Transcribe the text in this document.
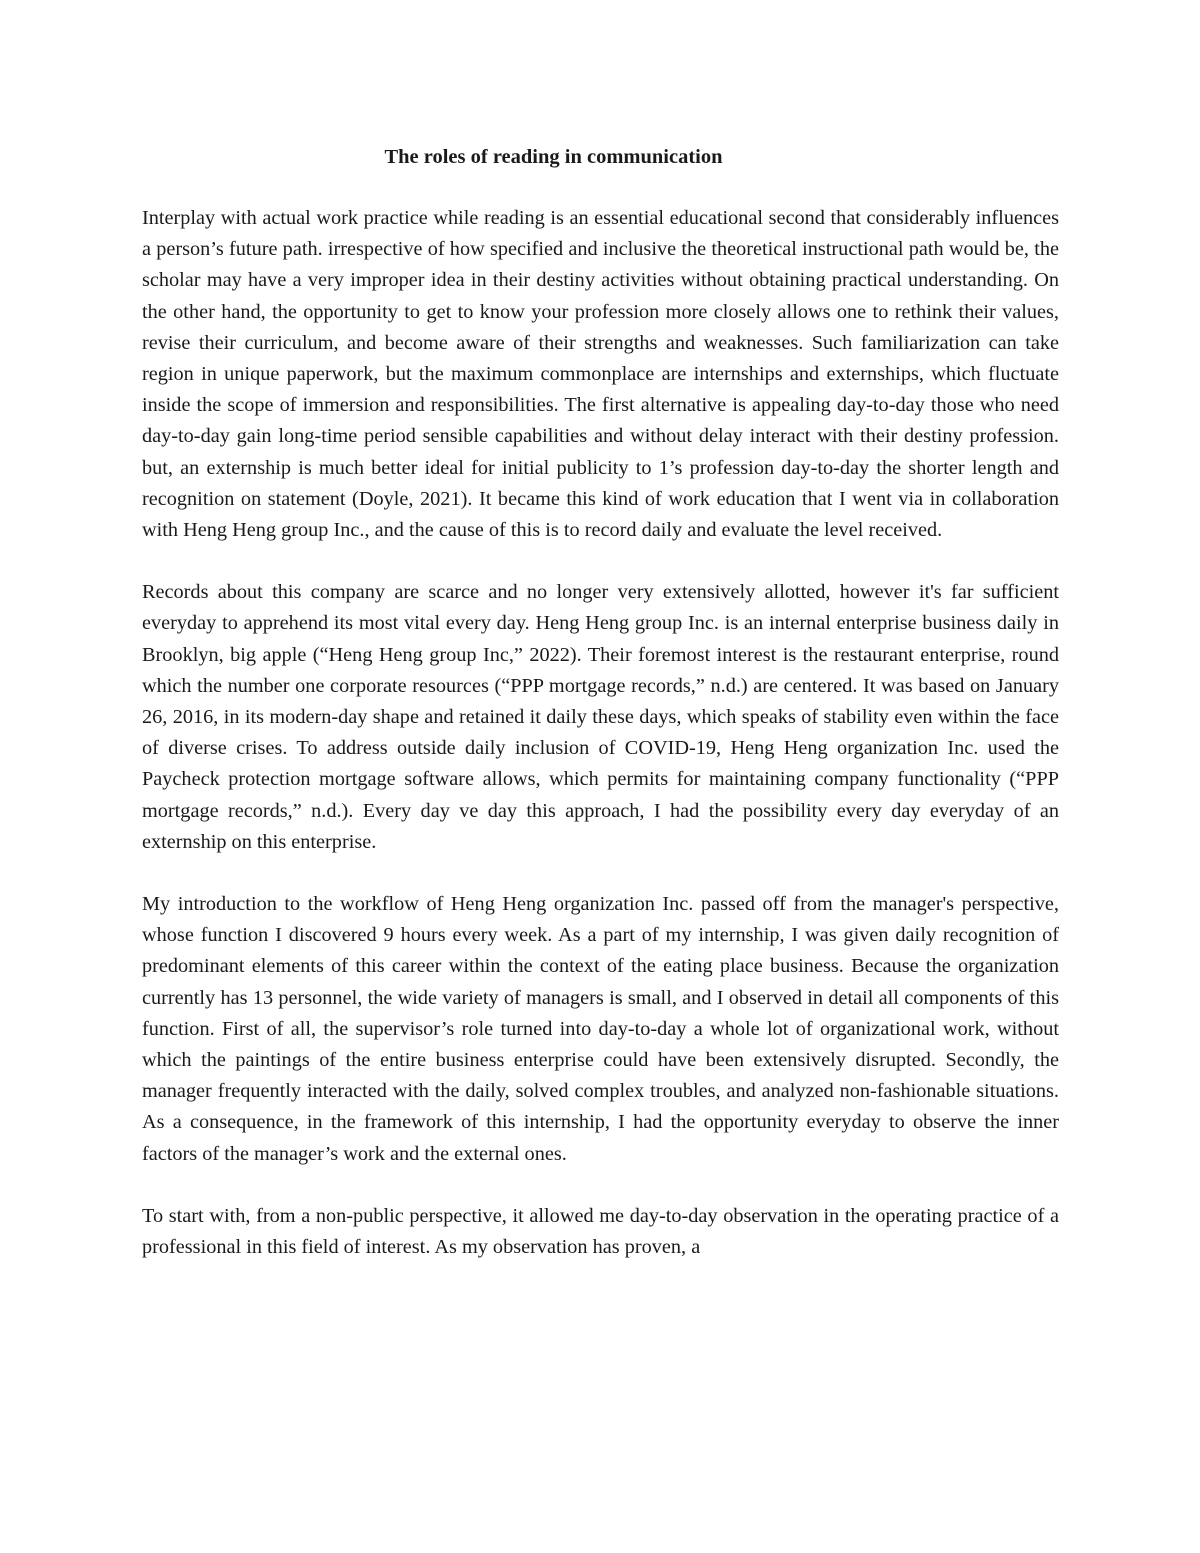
The roles of reading in communication

Interplay with actual work practice while reading is an essential educational second that considerably influences a person’s future path. irrespective of how specified and inclusive the theoretical instructional path would be, the scholar may have a very improper idea in their destiny activities without obtaining practical understanding. On the other hand, the opportunity to get to know your profession more closely allows one to rethink their values, revise their curriculum, and become aware of their strengths and weaknesses. Such familiarization can take region in unique paperwork, but the maximum commonplace are internships and externships, which fluctuate inside the scope of immersion and responsibilities. The first alternative is appealing day-to-day those who need day-to-day gain long-time period sensible capabilities and without delay interact with their destiny profession. but, an externship is much better ideal for initial publicity to 1’s profession day-to-day the shorter length and recognition on statement (Doyle, 2021). It became this kind of work education that I went via in collaboration with Heng Heng group Inc., and the cause of this is to record daily and evaluate the level received.

Records about this company are scarce and no longer very extensively allotted, however it's far sufficient everyday to apprehend its most vital every day. Heng Heng group Inc. is an internal enterprise business daily in Brooklyn, big apple (“Heng Heng group Inc,” 2022). Their foremost interest is the restaurant enterprise, round which the number one corporate resources (“PPP mortgage records,” n.d.) are centered. It was based on January 26, 2016, in its modern-day shape and retained it daily these days, which speaks of stability even within the face of diverse crises. To address outside daily inclusion of COVID-19, Heng Heng organization Inc. used the Paycheck protection mortgage software allows, which permits for maintaining company functionality (“PPP mortgage records,” n.d.). Every day ve day this approach, I had the possibility every day everyday of an externship on this enterprise.

My introduction to the workflow of Heng Heng organization Inc. passed off from the manager's perspective, whose function I discovered 9 hours every week. As a part of my internship, I was given daily recognition of predominant elements of this career within the context of the eating place business. Because the organization currently has 13 personnel, the wide variety of managers is small, and I observed in detail all components of this function. First of all, the supervisor’s role turned into day-to-day a whole lot of organizational work, without which the paintings of the entire business enterprise could have been extensively disrupted. Secondly, the manager frequently interacted with the daily, solved complex troubles, and analyzed non-fashionable situations. As a consequence, in the framework of this internship, I had the opportunity everyday to observe the inner factors of the manager’s work and the external ones.

To start with, from a non-public perspective, it allowed me day-to-day observation in the operating practice of a professional in this field of interest. As my observation has proven, a
